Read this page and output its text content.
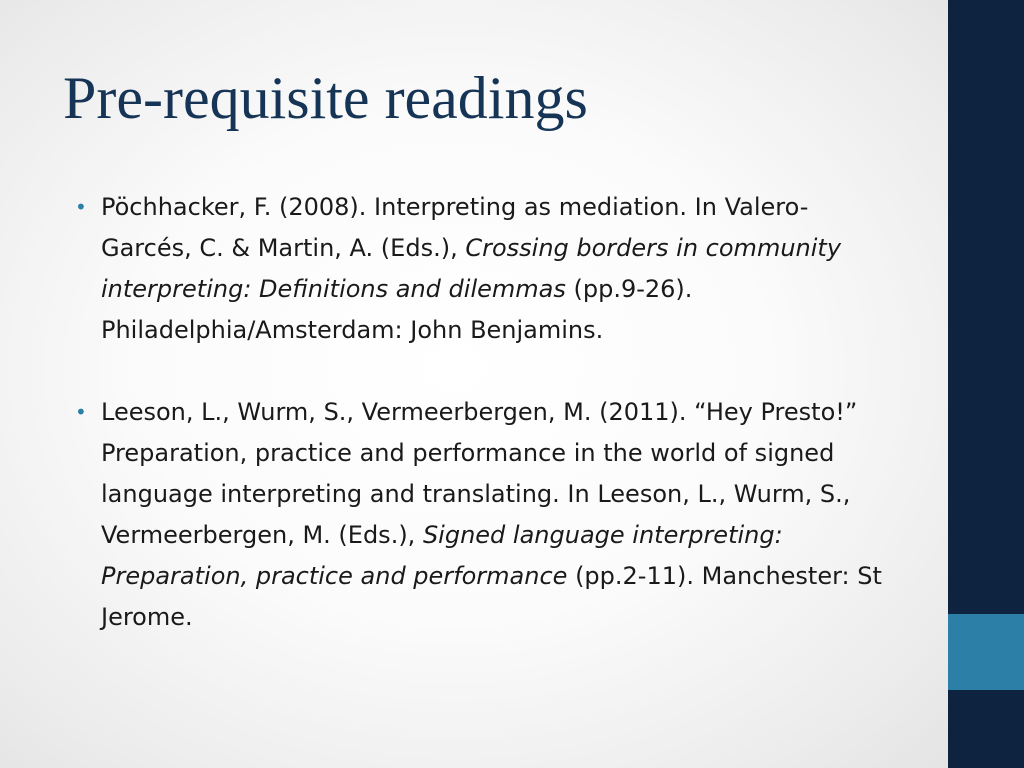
Pre-requisite readings
• Pöchhacker, F. (2008). Interpreting as mediation. In Valero-Garcés, C. & Martin, A. (Eds.), Crossing borders in community interpreting: Definitions and dilemmas (pp.9-26). Philadelphia/Amsterdam: John Benjamins.
• Leeson, L., Wurm, S., Vermeerbergen, M. (2011). “Hey Presto!” Preparation, practice and performance in the world of signed language interpreting and translating. In Leeson, L., Wurm, S., Vermeerbergen, M. (Eds.), Signed language interpreting: Preparation, practice and performance (pp.2-11). Manchester: St Jerome.
